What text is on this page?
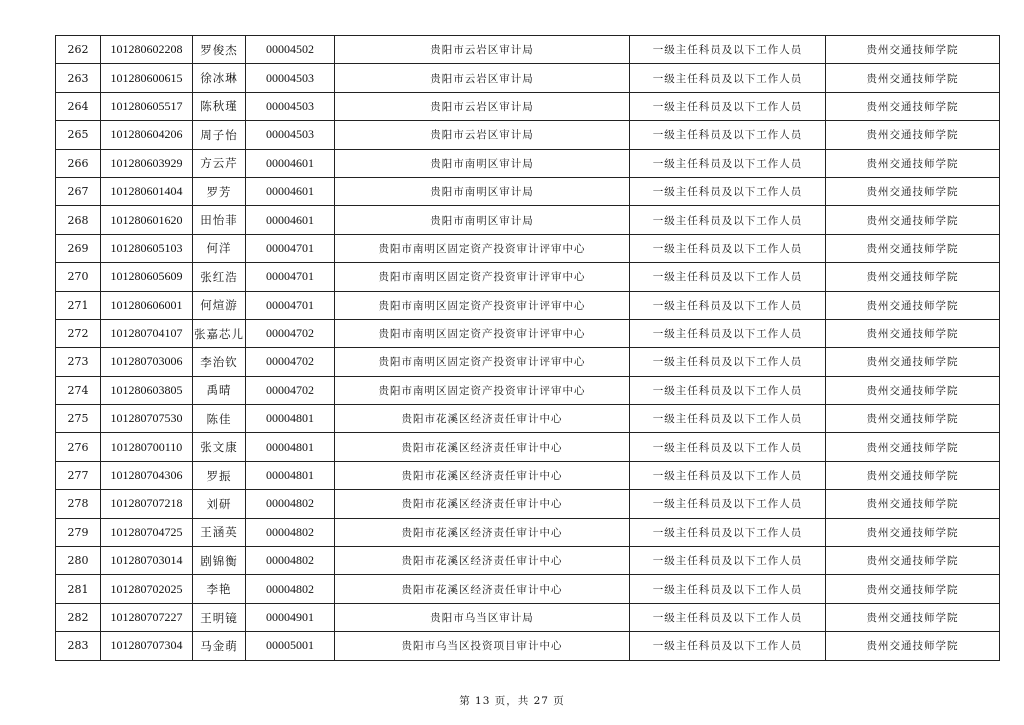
262	101280602208	罗俊杰	00004502	贵阳市云岩区审计局	一级主任科员及以下工作人员	贵州交通技师学院
263	101280600615	徐冰琳	00004503	贵阳市云岩区审计局	一级主任科员及以下工作人员	贵州交通技师学院
264	101280605517	陈秋瑾	00004503	贵阳市云岩区审计局	一级主任科员及以下工作人员	贵州交通技师学院
265	101280604206	周子怡	00004503	贵阳市云岩区审计局	一级主任科员及以下工作人员	贵州交通技师学院
266	101280603929	方云芹	00004601	贵阳市南明区审计局	一级主任科员及以下工作人员	贵州交通技师学院
267	101280601404	罗芳	00004601	贵阳市南明区审计局	一级主任科员及以下工作人员	贵州交通技师学院
268	101280601620	田怡菲	00004601	贵阳市南明区审计局	一级主任科员及以下工作人员	贵州交通技师学院
269	101280605103	何洋	00004701	贵阳市南明区固定资产投资审计评审中心	一级主任科员及以下工作人员	贵州交通技师学院
270	101280605609	张红浩	00004701	贵阳市南明区固定资产投资审计评审中心	一级主任科员及以下工作人员	贵州交通技师学院
271	101280606001	何煊游	00004701	贵阳市南明区固定资产投资审计评审中心	一级主任科员及以下工作人员	贵州交通技师学院
272	101280704107	张嘉芯儿	00004702	贵阳市南明区固定资产投资审计评审中心	一级主任科员及以下工作人员	贵州交通技师学院
273	101280703006	李治钦	00004702	贵阳市南明区固定资产投资审计评审中心	一级主任科员及以下工作人员	贵州交通技师学院
274	101280603805	禹晴	00004702	贵阳市南明区固定资产投资审计评审中心	一级主任科员及以下工作人员	贵州交通技师学院
275	101280707530	陈佳	00004801	贵阳市花溪区经济责任审计中心	一级主任科员及以下工作人员	贵州交通技师学院
276	101280700110	张文康	00004801	贵阳市花溪区经济责任审计中心	一级主任科员及以下工作人员	贵州交通技师学院
277	101280704306	罗振	00004801	贵阳市花溪区经济责任审计中心	一级主任科员及以下工作人员	贵州交通技师学院
278	101280707218	刘研	00004802	贵阳市花溪区经济责任审计中心	一级主任科员及以下工作人员	贵州交通技师学院
279	101280704725	王涵英	00004802	贵阳市花溪区经济责任审计中心	一级主任科员及以下工作人员	贵州交通技师学院
280	101280703014	剧锦衡	00004802	贵阳市花溪区经济责任审计中心	一级主任科员及以下工作人员	贵州交通技师学院
281	101280702025	李艳	00004802	贵阳市花溪区经济责任审计中心	一级主任科员及以下工作人员	贵州交通技师学院
282	101280707227	王明镜	00004901	贵阳市乌当区审计局	一级主任科员及以下工作人员	贵州交通技师学院
283	101280707304	马金萌	00005001	贵阳市乌当区投资项目审计中心	一级主任科员及以下工作人员	贵州交通技师学院
第 13 页，共 27 页
